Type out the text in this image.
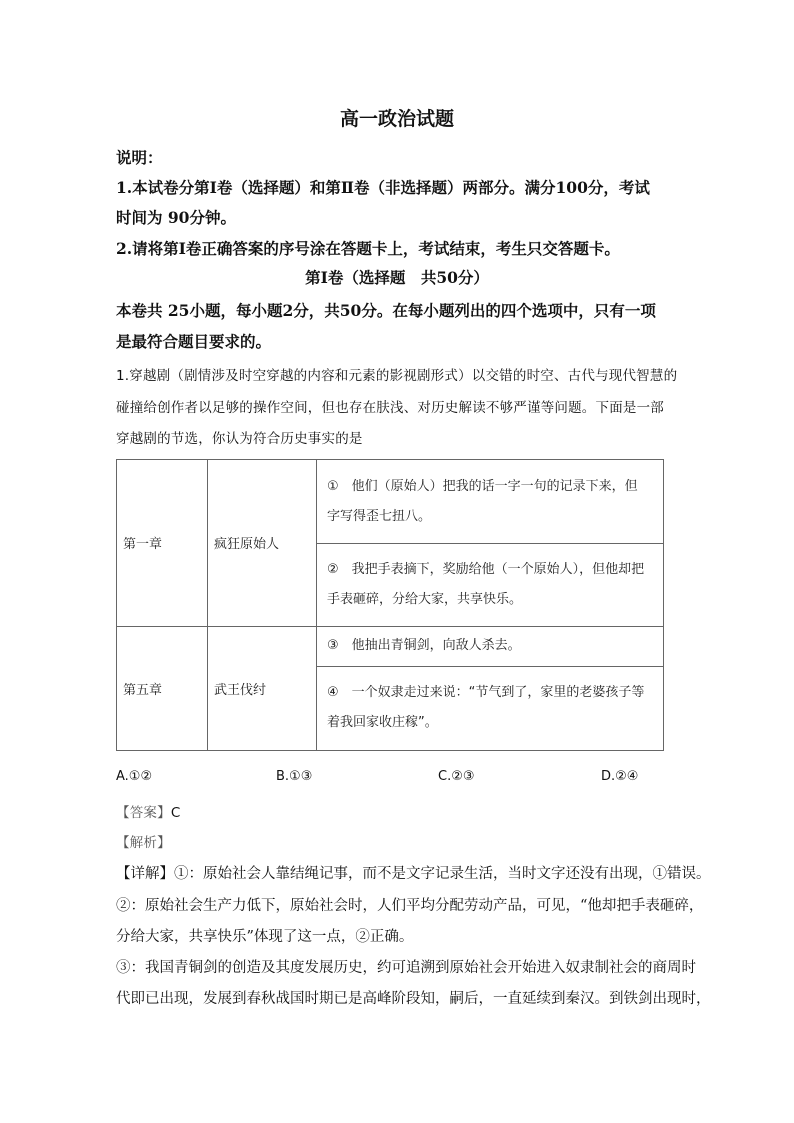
高一政治试题
说明：
1.本试卷分第Ⅰ卷（选择题）和第Ⅱ卷（非选择题）两部分。满分100分，考试
时间为 90分钟。
2.请将第Ⅰ卷正确答案的序号涂在答题卡上，考试结束，考生只交答题卡。
第Ⅰ卷（选择题　共50分）
本卷共 25小题，每小题2分，共50分。在每小题列出的四个选项中，只有一项
是最符合题目要求的。
1.穿越剧（剧情涉及时空穿越的内容和元素的影视剧形式）以交错的时空、古代与现代智慧的
碰撞给创作者以足够的操作空间，但也存在肤浅、对历史解读不够严谨等问题。下面是一部
穿越剧的节选，你认为符合历史事实的是
第一章	疯狂原始人	①　他们（原始人）把我的话一字一句的记录下来，但
字写得歪七扭八。

		②　我把手表摘下，奖励给他（一个原始人），但他却把
手表砸碎，分给大家，共享快乐。

第五章	武王伐纣	③　他抽出青铜剑，向敌人杀去。

		④　一个奴隶走过来说：“节气到了，家里的老婆孩子等
着我回家收庄稼”。
A.①②	B.①③	C.②③	D.②④
【答案】C
【解析】
【详解】①：原始社会人靠结绳记事，而不是文字记录生活，当时文字还没有出现，①错误。
②：原始社会生产力低下，原始社会时，人们平均分配劳动产品，可见，“他却把手表砸碎，
分给大家，共享快乐”体现了这一点，②正确。
③：我国青铜剑的创造及其度发展历史，约可追溯到原始社会开始进入奴隶制社会的商周时
代即已出现，发展到春秋战国时期已是高峰阶段知，嗣后，一直延续到秦汉。到铁剑出现时，
